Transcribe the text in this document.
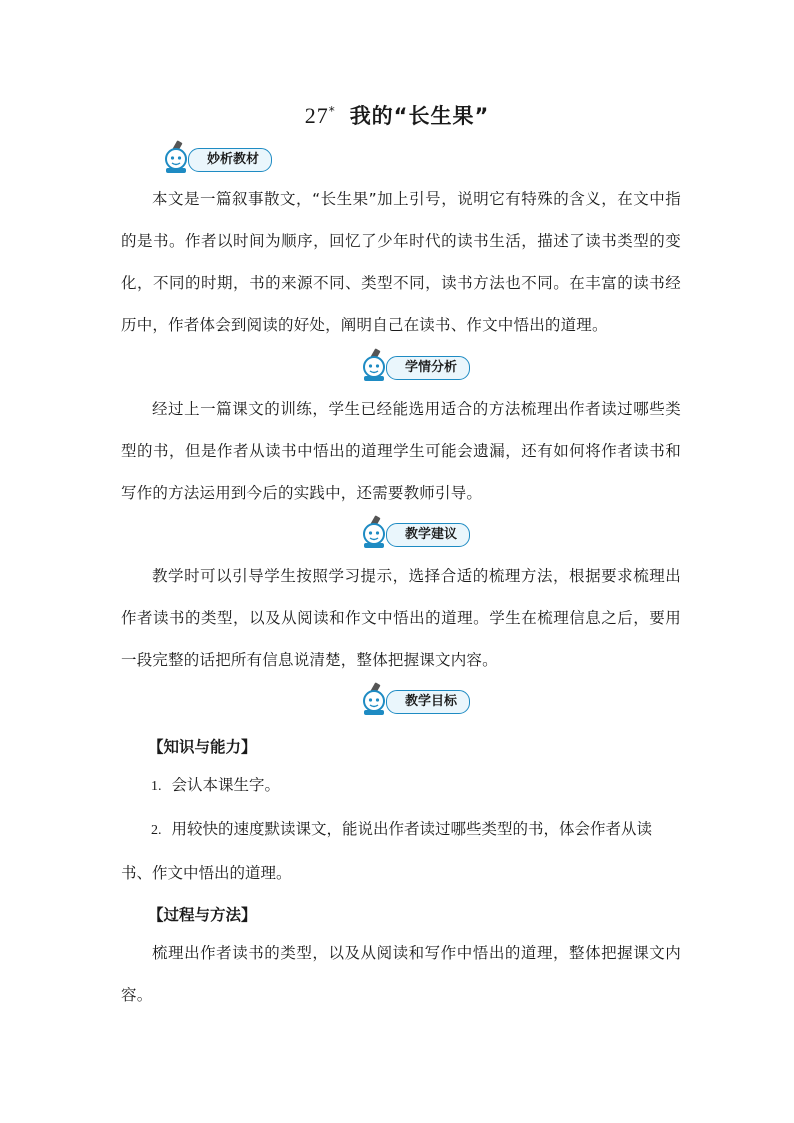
27* 我的“长生果”
妙析教材
本文是一篇叙事散文，“长生果”加上引号，说明它有特殊的含义，在文中指的是书。作者以时间为顺序，回忆了少年时代的读书生活，描述了读书类型的变化，不同的时期，书的来源不同、类型不同，读书方法也不同。在丰富的读书经历中，作者体会到阅读的好处，阐明自己在读书、作文中悟出的道理。
学情分析
经过上一篇课文的训练，学生已经能选用适合的方法梳理出作者读过哪些类型的书，但是作者从读书中悟出的道理学生可能会遗漏，还有如何将作者读书和写作的方法运用到今后的实践中，还需要教师引导。
教学建议
教学时可以引导学生按照学习提示，选择合适的梳理方法，根据要求梳理出作者读书的类型，以及从阅读和作文中悟出的道理。学生在梳理信息之后，要用一段完整的话把所有信息说清楚，整体把握课文内容。
教学目标
【知识与能力】
1. 会认本课生字。
2. 用较快的速度默读课文，能说出作者读过哪些类型的书，体会作者从读书、作文中悟出的道理。
【过程与方法】
梳理出作者读书的类型，以及从阅读和写作中悟出的道理，整体把握课文内容。
